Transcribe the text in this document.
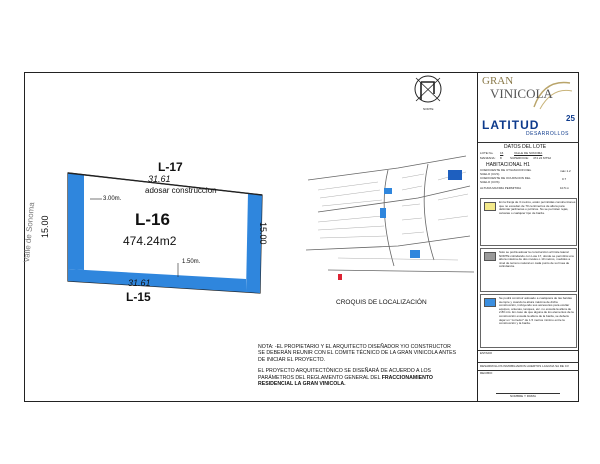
NORTE
GRAN
VINICOLA
LATITUD	25
DESARROLLOS
L-17
31.61
adosar construccion
3.00m.
L-16
474.24m2
1.50m.
31.61
L-15
15.00	15.00
Valle de Sonoma
CROQUIS DE LOCALIZACIÓN
NOTA: -EL PROPIETARIO Y EL ARQUITECTO DISEÑADOR Y/O CONSTRUCTOR SE DEBERÁN REUNIR CON EL COMITE TÉCNICO DE LA GRAN VINICOLA ANTES DE INICIAR EL PROYECTO.
EL PROYECTO ARQUITECTÓNICO SE DISEÑARÁ DE ACUERDO A LOS PARÁMETROS DEL REGLAMENTO GENERAL DEL FRACCIONAMIENTO RESIDENCIAL LA GRAN VINICOLA.
DATOS DEL LOTE
LOTE No. 16	VALLE DE SONOMA
MANZANA: 8	SUPERFICIE: 474.24 MTS2
HABITACIONAL H1
COEFICIENTE DE UTILIZACION DEL SUELO (CUS)
máx 1.2
COEFICIENTE DE OCUPACION DEL SUELO (COS)
0.7
ALTURA MAXIMA PERMITIDA	10.5 m
En la franja de 3 metros, están permitidas construcciones que no excedan de 70 centímetros de altura para delimitar jardineras o pórticos. No se permiten rejas, celosías o cualquier tipo de barda.
Solo se podrá adosar la construcción al límite lateral NORTE colindando con Lote 17, donde se permitirá una altura máxima de dos niveles o 10 metros, medidos a nivel de terreno natural en cada punto de su línea de colindancia.
Se podrá construir adosado a cualquiera de las bardas siempre y cuando la altura máxima de dicha construcción, incluyendo sus accesorios para ocultar equipos, antenas, tanques, etc. no exceda la altura de 2.80 mts. En caso de que alguna de los elementos de la construcción exceda la altura de la barda, se deberá dejar un "corredor" de 1.5 metros mínimo entre la construcción y la barda.
ESTADO
DESARROLLOS INMOBILIARIOS HUERTOS LAGUNA SA DE CV
RECIBIO
NOMBRE Y FIRMA
